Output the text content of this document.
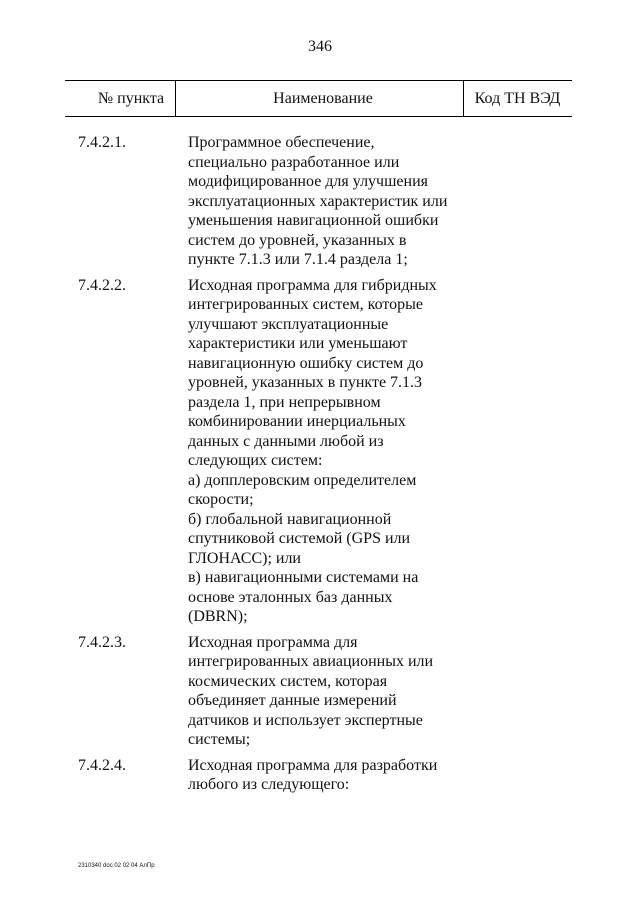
346
№ пункта	Наименование	Код ТН ВЭД
7.4.2.1.	Программное обеспечение,
специально разработанное или
модифицированное для улучшения
эксплуатационных характеристик или
уменьшения навигационной ошибки
систем до уровней, указанных в
пункте 7.1.3 или 7.1.4 раздела 1;
7.4.2.2.	Исходная программа для гибридных
интегрированных систем, которые
улучшают эксплуатационные
характеристики или уменьшают
навигационную ошибку систем до
уровней, указанных в пункте 7.1.3
раздела 1, при непрерывном
комбинировании инерциальных
данных с данными любой из
следующих систем:
а) допплеровским определителем
скорости;
б) глобальной навигационной
спутниковой системой (GPS или
ГЛОНАСС); или
в) навигационными системами на
основе эталонных баз данных
(DBRN);
7.4.2.3.	Исходная программа для
интегрированных авиационных или
космических систем, которая
объединяет данные измерений
датчиков и использует экспертные
системы;
7.4.2.4.	Исходная программа для разработки
любого из следующего:
2310340 doc 02 02 04 АлПр
